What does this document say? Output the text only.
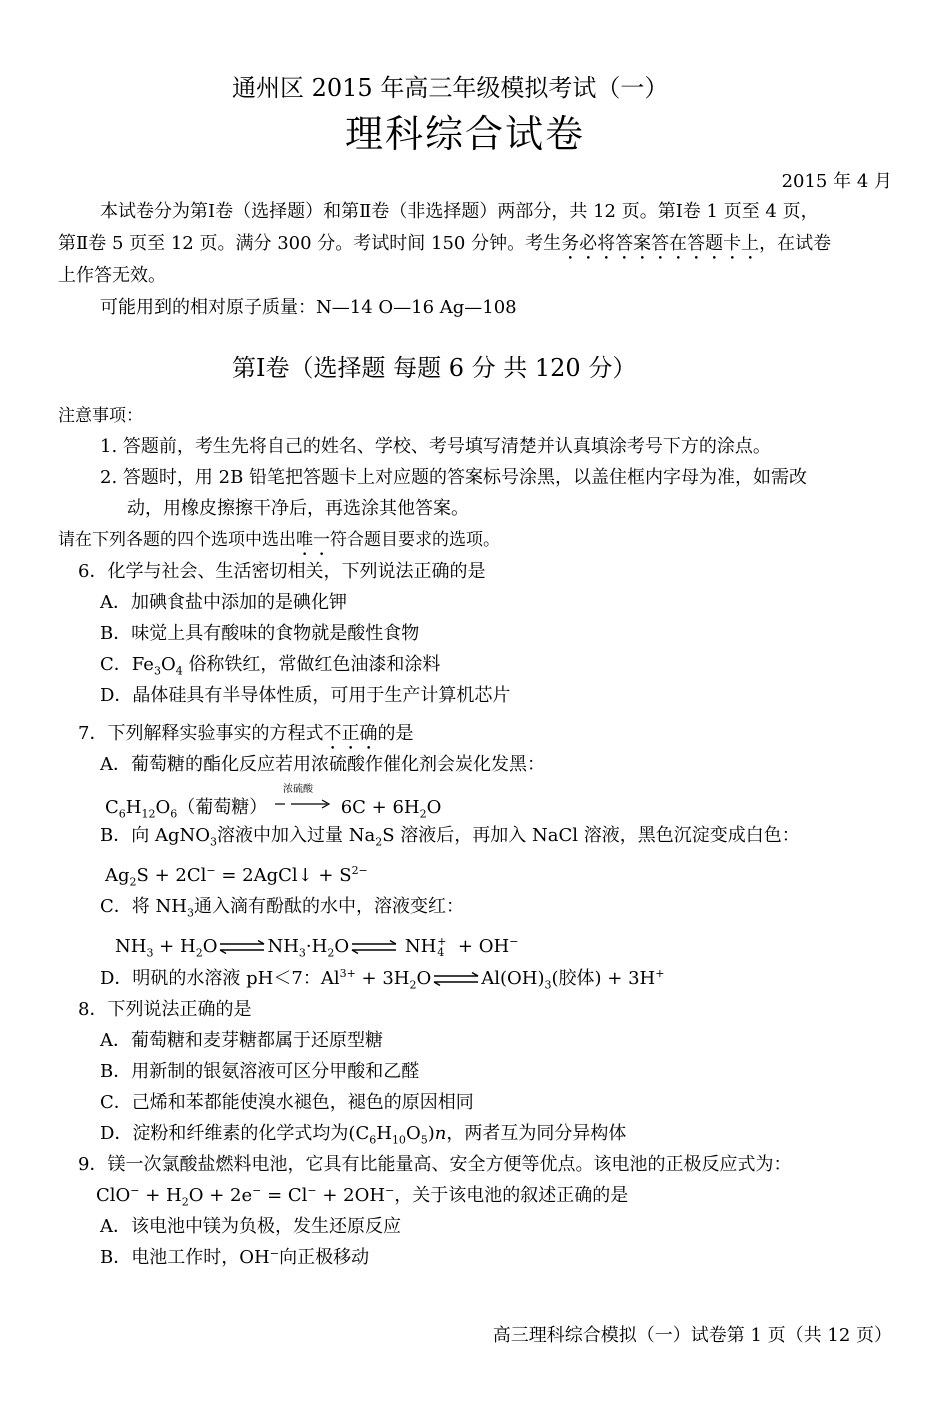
通州区 2015 年高三年级模拟考试（一）
理科综合试卷
2015 年 4 月
本试卷分为第Ⅰ卷（选择题）和第Ⅱ卷（非选择题）两部分，共 12 页。第Ⅰ卷 1 页至 4 页，
第Ⅱ卷 5 页至 12 页。满分 300 分。考试时间 150 分钟。考生务必将答案答在答题卡上，在试卷
上作答无效。
可能用到的相对原子质量：N—14 O—16 Ag—108
第Ⅰ卷（选择题 每题 6 分 共 120 分）
注意事项：
1. 答题前，考生先将自己的姓名、学校、考号填写清楚并认真填涂考号下方的涂点。
2. 答题时，用 2B 铅笔把答题卡上对应题的答案标号涂黑，以盖住框内字母为准，如需改
动，用橡皮擦擦干净后，再选涂其他答案。
请在下列各题的四个选项中选出唯一符合题目要求的选项。
6．化学与社会、生活密切相关，下列说法正确的是
A．加碘食盐中添加的是碘化钾
B．味觉上具有酸味的食物就是酸性食物
C．$Fe_3O_4$ 俗称铁红，常做红色油漆和涂料
D．晶体硅具有半导体性质，可用于生产计算机芯片
7．下列解释实验事实的方程式不正确的是
A．葡萄糖的酯化反应若用浓硫酸作催化剂会炭化发黑：
$C_6H_{12}O_6$（葡萄糖）
浓硫酸
$6C + 6H_2O$
B．向 AgNO$_3$溶液中加入过量 $Na_2S$ 溶液后，再加入 NaCl 溶液，黑色沉淀变成白色：
$Ag_2S + 2Cl^-$ = 2AgCl↓ + $S^{2-}$
C．将 $NH_3$通入滴有酚酞的水中，溶液变红：
$NH_3$ + $H_2O\rightleftharpoons NH_3\cdot H_2O\rightleftharpoons$ NH +
4 + OH−
D．明矾的水溶液 pH＜7：$Al^{3+}$ + $3H_2O\rightleftharpoons Al(OH)_3$(胶体) + 3H+
8．下列说法正确的是
A．葡萄糖和麦芽糖都属于还原型糖
B．用新制的银氨溶液可区分甲酸和乙醛
C．己烯和苯都能使溴水褪色，褪色的原因相同
D．淀粉和纤维素的化学式均为$(C_6H_{10}O_5)n$，两者互为同分异构体
9．镁一次氯酸盐燃料电池，它具有比能量高、安全方便等优点。该电池的正极反应式为：
$ClO^- + H_2O + 2e^- = Cl^- + 2OH^-$，关于该电池的叙述正确的是
A．该电池中镁为负极，发生还原反应
B．电池工作时，OH⁻向正极移动
高三理科综合模拟（一）试卷第 1 页（共 12 页）
